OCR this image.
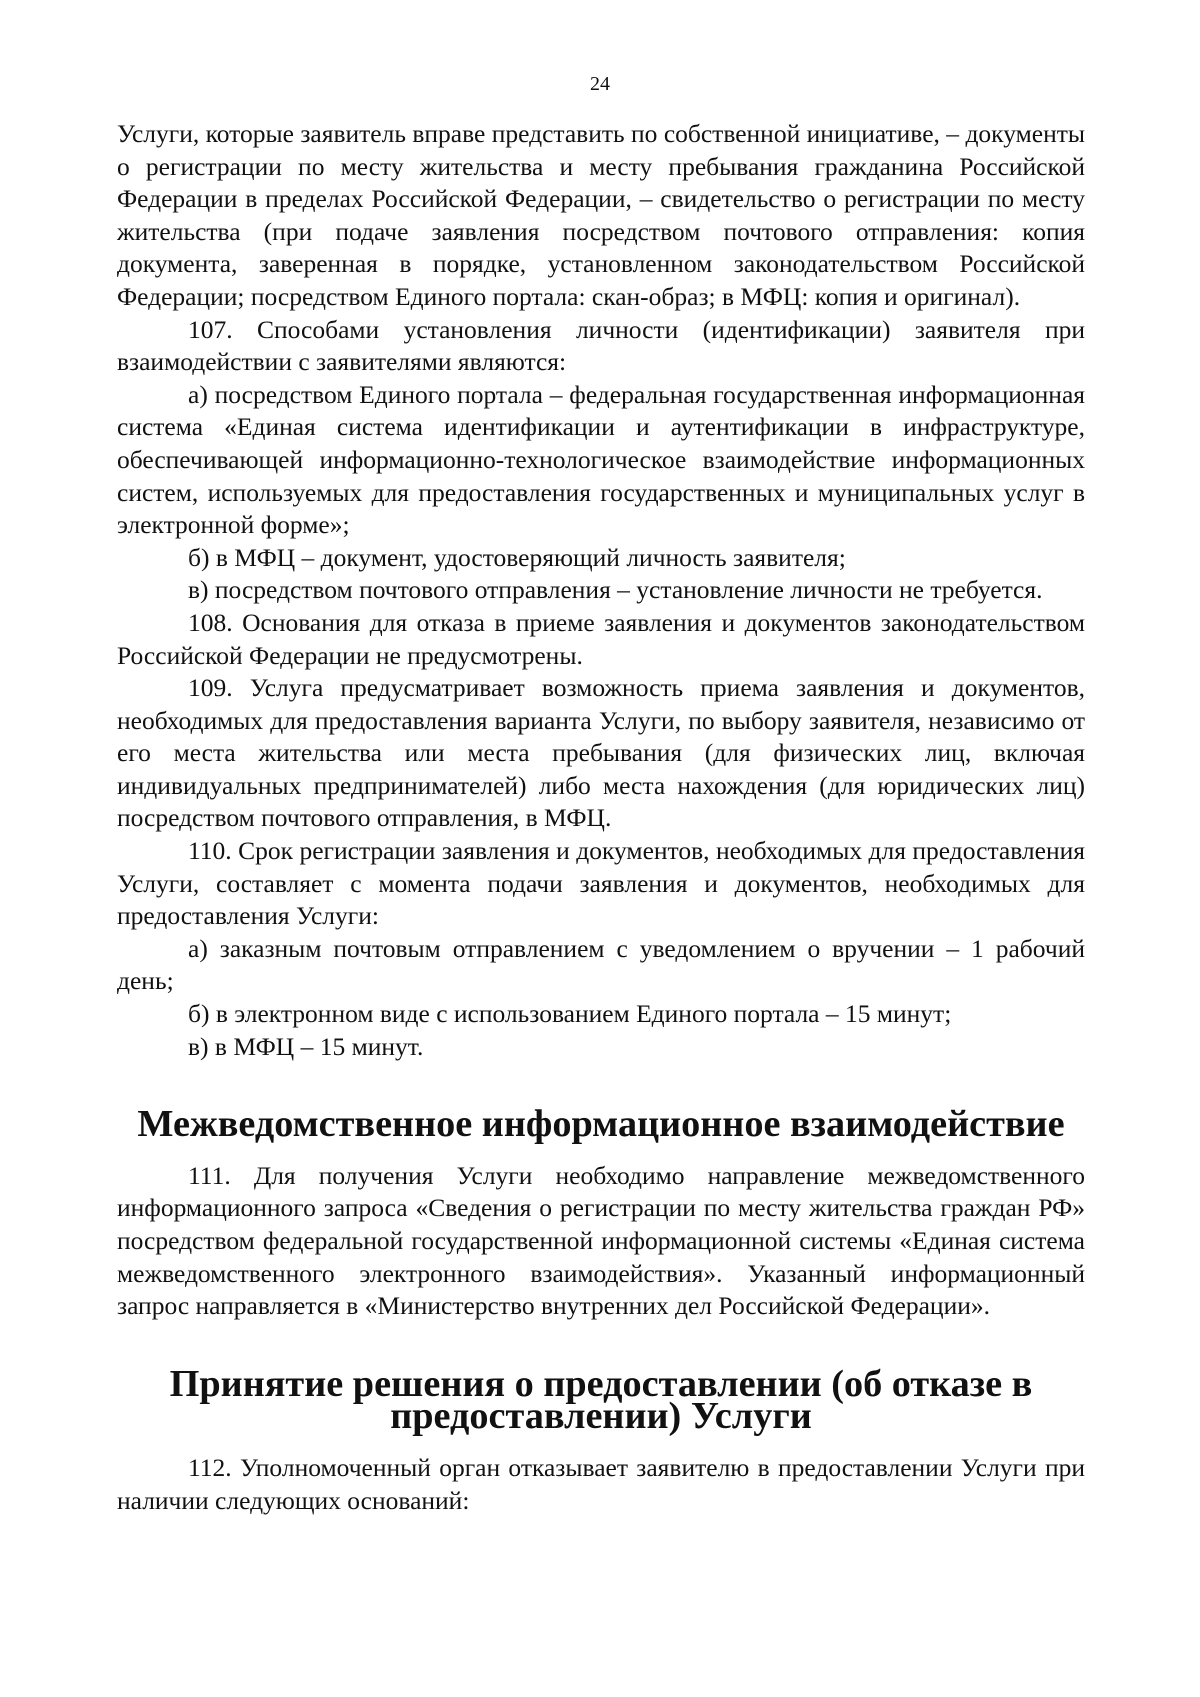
24

Услуги, которые заявитель вправе представить по собственной инициативе, – документы о регистрации по месту жительства и месту пребывания гражданина Российской Федерации в пределах Российской Федерации, – свидетельство о регистрации по месту жительства (при подаче заявления посредством почтового отправления: копия документа, заверенная в порядке, установленном законодательством Российской Федерации; посредством Единого портала: скан-образ; в МФЦ: копия и оригинал).

107. Способами установления личности (идентификации) заявителя при взаимодействии с заявителями являются:

а) посредством Единого портала – федеральная государственная информационная система «Единая система идентификации и аутентификации в инфраструктуре, обеспечивающей информационно-технологическое взаимодействие информационных систем, используемых для предоставления государственных и муниципальных услуг в электронной форме»;

б) в МФЦ – документ, удостоверяющий личность заявителя;

в) посредством почтового отправления – установление личности не требуется.

108. Основания для отказа в приеме заявления и документов законодательством Российской Федерации не предусмотрены.

109. Услуга предусматривает возможность приема заявления и документов, необходимых для предоставления варианта Услуги, по выбору заявителя, независимо от его места жительства или места пребывания (для физических лиц, включая индивидуальных предпринимателей) либо места нахождения (для юридических лиц) посредством почтового отправления, в МФЦ.

110. Срок регистрации заявления и документов, необходимых для предоставления Услуги, составляет с момента подачи заявления и документов, необходимых для предоставления Услуги:

а) заказным почтовым отправлением с уведомлением о вручении – 1 рабочий день;

б) в электронном виде с использованием Единого портала – 15 минут;

в) в МФЦ – 15 минут.

Межведомственное информационное взаимодействие

111. Для получения Услуги необходимо направление межведомственного информационного запроса «Сведения о регистрации по месту жительства граждан РФ» посредством федеральной государственной информационной системы «Единая система межведомственного электронного взаимодействия». Указанный информационный запрос направляется в «Министерство внутренних дел Российской Федерации».

Принятие решения о предоставлении (об отказе в предоставлении) Услуги

112. Уполномоченный орган отказывает заявителю в предоставлении Услуги при наличии следующих оснований:
